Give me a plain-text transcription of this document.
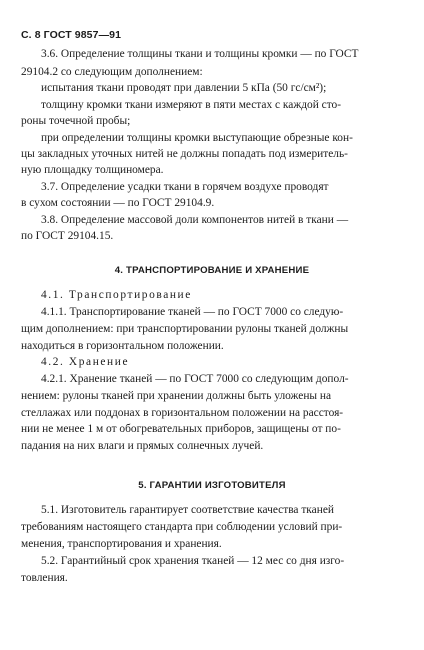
С. 8 ГОСТ 9857—91
3.6. Определение толщины ткани и толщины кромки — по ГОСТ
29104.2 со следующим дополнением:
испытания ткани проводят при давлении 5 кПа (50 гс/см²);
толщину кромки ткани измеряют в пяти местах с каждой сто-
роны точечной пробы;
при определении толщины кромки выступающие обрезные кон-
цы закладных уточных нитей не должны попадать под измеритель-
ную площадку толщиномера.
3.7. Определение усадки ткани в горячем воздухе проводят
в сухом состоянии — по ГОСТ 29104.9.
3.8. Определение массовой доли компонентов нитей в ткани —
по ГОСТ 29104.15.
4. ТРАНСПОРТИРОВАНИЕ И ХРАНЕНИЕ
4.1. Транспортирование
4.1.1. Транспортирование тканей — по ГОСТ 7000 со следую-
щим дополнением: при транспортировании рулоны тканей должны
находиться в горизонтальном положении.
4.2. Хранение
4.2.1. Хранение тканей — по ГОСТ 7000 со следующим допол-
нением: рулоны тканей при хранении должны быть уложены на
стеллажах или поддонах в горизонтальном положении на расстоя-
нии не менее 1 м от обогревательных приборов, защищены от по-
падания на них влаги и прямых солнечных лучей.
5. ГАРАНТИИ ИЗГОТОВИТЕЛЯ
5.1. Изготовитель гарантирует соответствие качества тканей
требованиям настоящего стандарта при соблюдении условий при-
менения, транспортирования и хранения.
5.2. Гарантийный срок хранения тканей — 12 мес со дня изго-
товления.
